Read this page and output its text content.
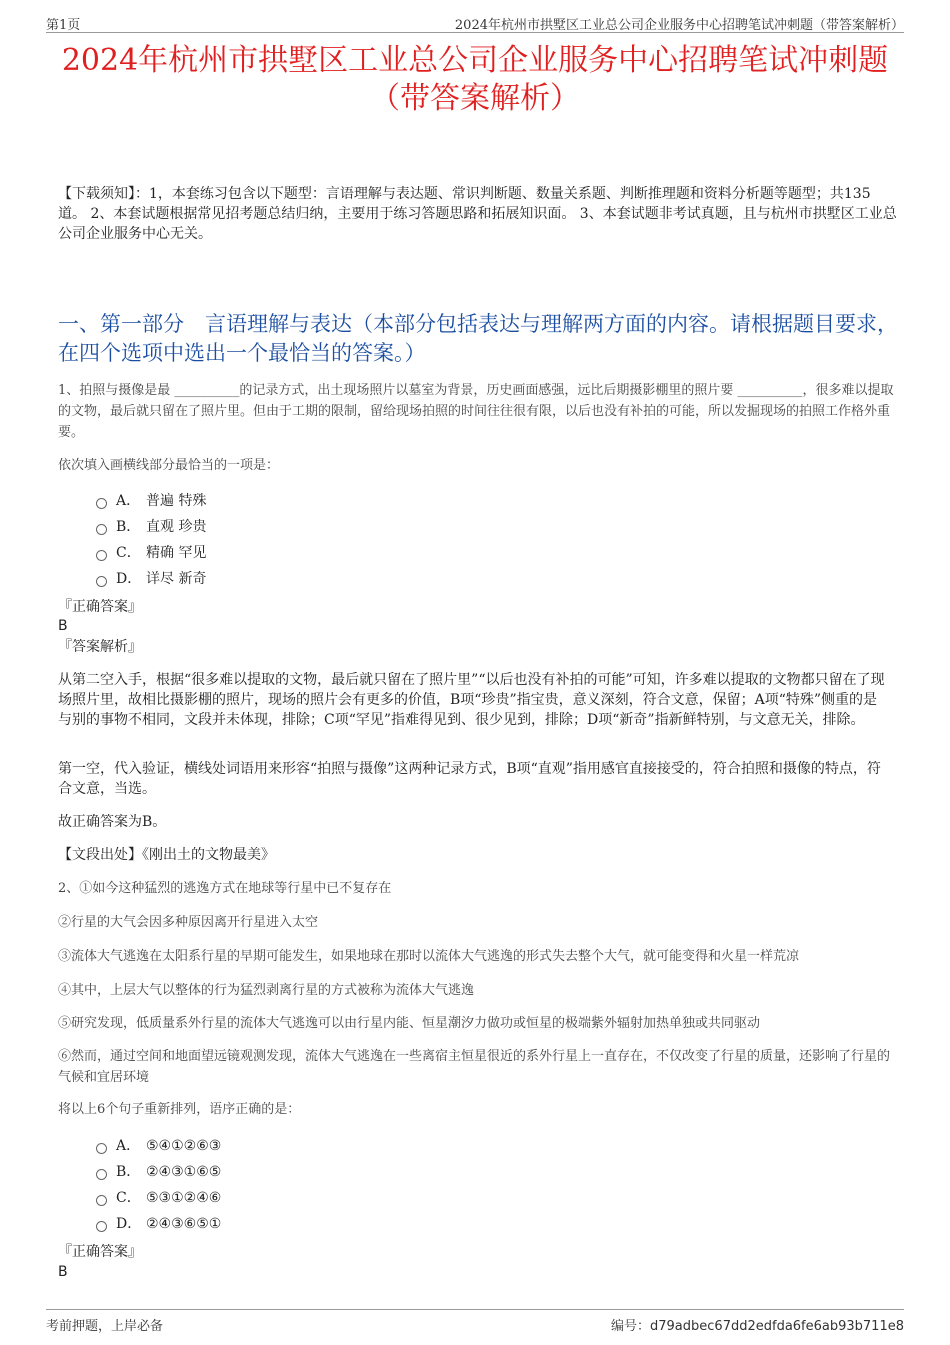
第1页	2024年杭州市拱墅区工业总公司企业服务中心招聘笔试冲刺题（带答案解析）
2024年杭州市拱墅区工业总公司企业服务中心招聘笔试冲刺题
（带答案解析）
【下载须知】：1，本套练习包含以下题型：言语理解与表达题、常识判断题、数量关系题、判断推理题和资料分析题等题型；共135道。 2、本套试题根据常见招考题总结归纳，主要用于练习答题思路和拓展知识面。 3、本套试题非考试真题，且与杭州市拱墅区工业总公司企业服务中心无关。
一、第一部分　言语理解与表达（本部分包括表达与理解两方面的内容。请根据题目要求，在四个选项中选出一个最恰当的答案。）
1、拍照与摄像是最 __________的记录方式，出土现场照片以墓室为背景，历史画面感强，远比后期摄影棚里的照片要 __________，很多难以提取的文物，最后就只留在了照片里。但由于工期的限制，留给现场拍照的时间往往很有限，以后也没有补拍的可能，所以发掘现场的拍照工作格外重要。
依次填入画横线部分最恰当的一项是：
A． 普遍 特殊
B． 直观 珍贵
C． 精确 罕见
D． 详尽 新奇
『正确答案』
B
『答案解析』
从第二空入手，根据“很多难以提取的文物，最后就只留在了照片里”“以后也没有补拍的可能”可知，许多难以提取的文物都只留在了现场照片里，故相比摄影棚的照片，现场的照片会有更多的价值，B项“珍贵”指宝贵，意义深刻，符合文意，保留；A项“特殊”侧重的是与别的事物不相同，文段并未体现，排除；C项“罕见”指难得见到、很少见到，排除；D项“新奇”指新鲜特别，与文意无关，排除。
第一空，代入验证，横线处词语用来形容“拍照与摄像”这两种记录方式，B项“直观”指用感官直接接受的，符合拍照和摄像的特点，符合文意，当选。
故正确答案为B。
【文段出处】《刚出土的文物最美》
2、①如今这种猛烈的逃逸方式在地球等行星中已不复存在
②行星的大气会因多种原因离开行星进入太空
③流体大气逃逸在太阳系行星的早期可能发生，如果地球在那时以流体大气逃逸的形式失去整个大气，就可能变得和火星一样荒凉
④其中，上层大气以整体的行为猛烈剥离行星的方式被称为流体大气逃逸
⑤研究发现，低质量系外行星的流体大气逃逸可以由行星内能、恒星潮汐力做功或恒星的极端紫外辐射加热单独或共同驱动
⑥然而，通过空间和地面望远镜观测发现，流体大气逃逸在一些离宿主恒星很近的系外行星上一直存在，不仅改变了行星的质量，还影响了行星的气候和宜居环境
将以上6个句子重新排列，语序正确的是：
A． ⑤④①②⑥③
B． ②④③①⑥⑤
C． ⑤③①②④⑥
D． ②④③⑥⑤①
『正确答案』
B
考前押题，上岸必备	编号：d79adbec67dd2edfda6fe6ab93b711e8
